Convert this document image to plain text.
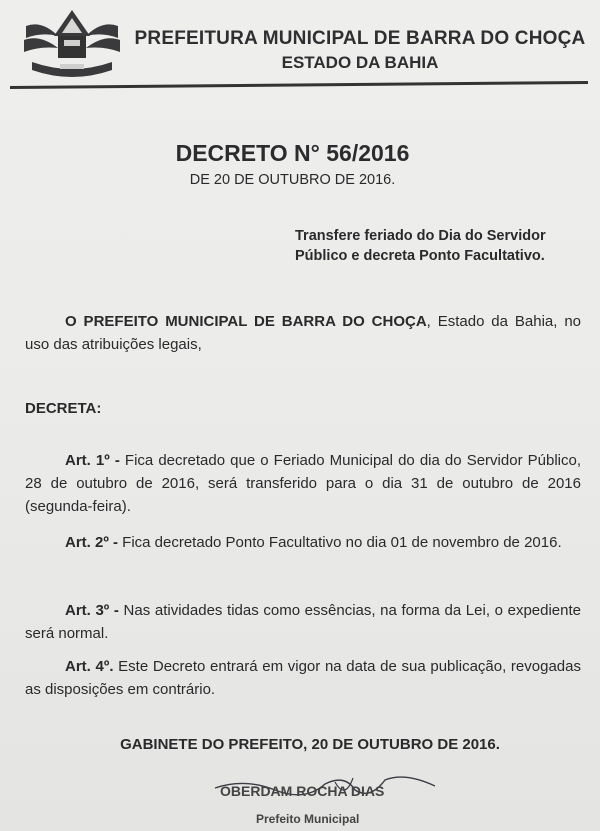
PREFEITURA MUNICIPAL DE BARRA DO CHOÇA
ESTADO DA BAHIA
DECRETO N° 56/2016
DE 20 DE OUTUBRO DE 2016.
Transfere feriado do Dia do Servidor Público e decreta Ponto Facultativo.
O PREFEITO MUNICIPAL DE BARRA DO CHOÇA, Estado da Bahia, no uso das atribuições legais,
DECRETA:
Art. 1º - Fica decretado que o Feriado Municipal do dia do Servidor Público, 28 de outubro de 2016, será transferido para o dia 31 de outubro de 2016 (segunda-feira).
Art. 2º - Fica decretado Ponto Facultativo no dia 01 de novembro de 2016.
Art. 3º - Nas atividades tidas como essências, na forma da Lei, o expediente será normal.
Art. 4º. Este Decreto entrará em vigor na data de sua publicação, revogadas as disposições em contrário.
GABINETE DO PREFEITO, 20 DE OUTUBRO DE 2016.
OBERDAM ROCHA DIAS
Prefeito Municipal
